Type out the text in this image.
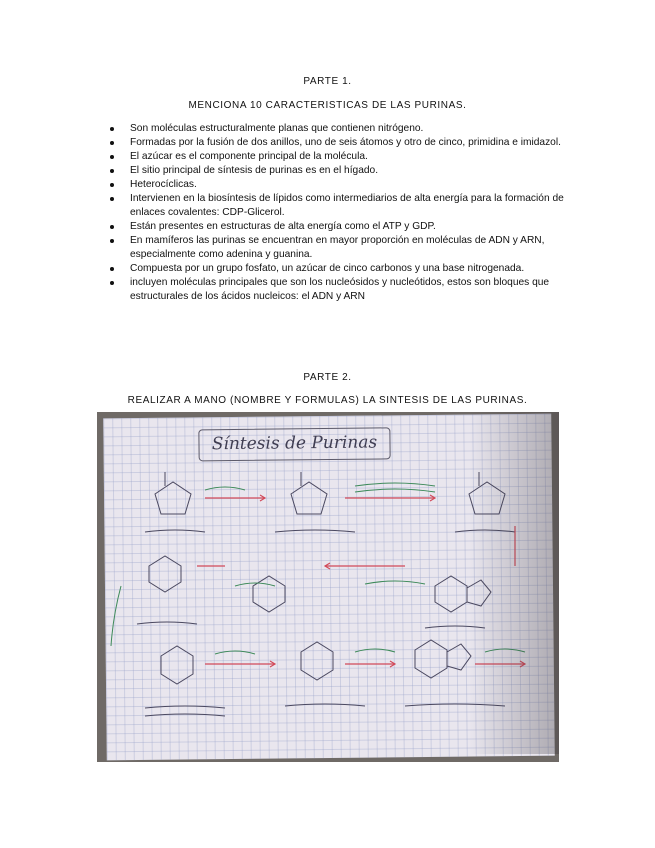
PARTE 1.
MENCIONA 10 CARACTERISTICAS DE LAS PURINAS.
Son moléculas estructuralmente planas que contienen nitrógeno.
Formadas por la fusión de dos anillos, uno de seis átomos y otro de cinco, primidina e imidazol.
El azúcar es el componente principal de la molécula.
El sitio principal de síntesis de purinas es en el hígado.
Heterocíclicas.
Intervienen en la biosíntesis de lípidos como intermediarios de alta energía para la formación de enlaces covalentes: CDP-Glicerol.
Están presentes en estructuras de alta energía como el ATP y GDP.
En mamíferos las purinas se encuentran en mayor proporción en moléculas de ADN y ARN, especialmente como adenina y guanina.
Compuesta por un grupo fosfato, un azúcar de cinco carbonos y una base nitrogenada.
incluyen moléculas principales que son los nucleósidos y nucleótidos, estos son bloques que estructurales de los ácidos nucleicos: el ADN y ARN
PARTE 2.
REALIZAR A MANO (NOMBRE Y FORMULAS) LA SINTESIS DE LAS PURINAS.
Síntesis de Purinas
